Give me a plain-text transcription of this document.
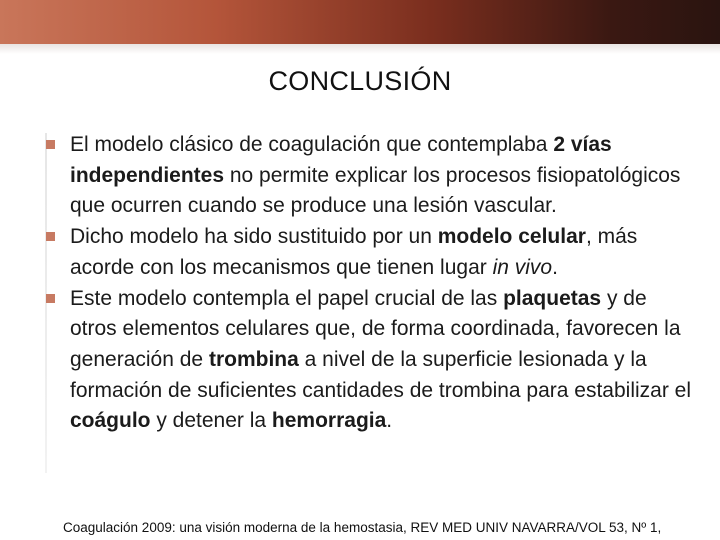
CONCLUSIÓN
El modelo clásico de coagulación que contemplaba 2 vías
independientes no permite explicar los procesos fisiopatológicos que ocurren cuando se produce una lesión vascular.
Dicho modelo ha sido sustituido por un modelo celular, más acorde con los mecanismos que tienen lugar in vivo.
Este modelo contempla el papel crucial de las plaquetas y de otros elementos celulares que, de forma coordinada, favorecen la generación de trombina a nivel de la superficie lesionada y la formación de suficientes cantidades de trombina para estabilizar el coágulo y detener la hemorragia.
Coagulación 2009: una visión moderna de la hemostasia, REV MED UNIV NAVARRA/VOL 53, Nº 1,
